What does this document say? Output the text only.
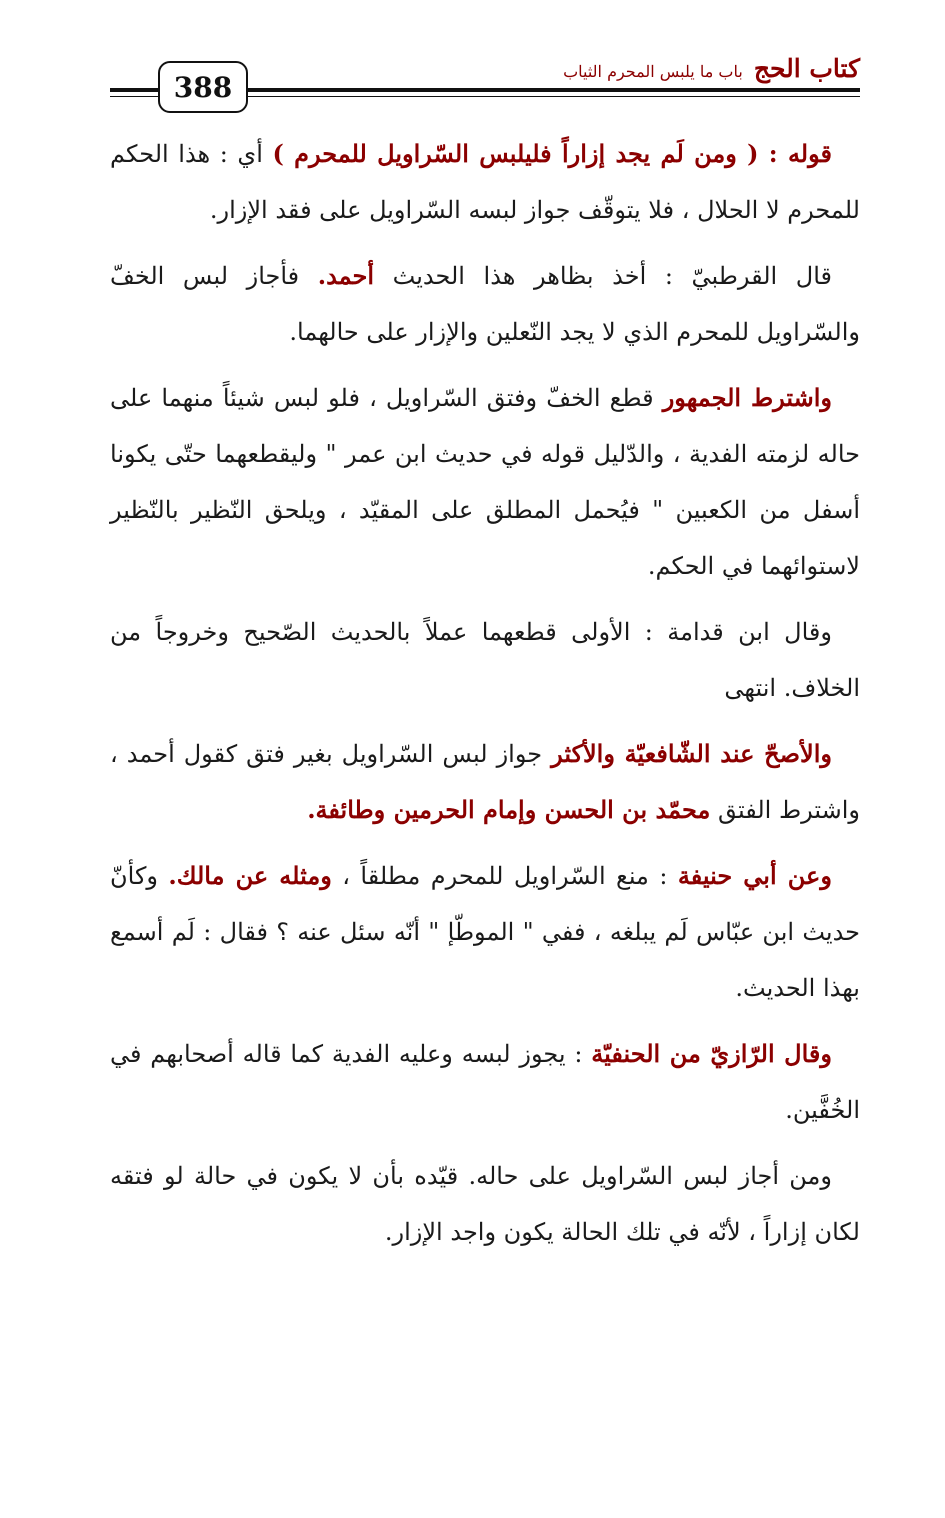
كتاب الحج باب ما يلبس المحرم الثياب
388

قوله : ( ومن لَم يجد إزاراً فليلبس السّراويل للمحرم ) أي : هذا الحكم للمحرم لا الحلال ، فلا يتوقّف جواز لبسه السّراويل على فقد الإزار.

قال القرطبيّ : أخذ بظاهر هذا الحديث أحمد. فأجاز لبس الخفّ والسّراويل للمحرم الذي لا يجد النّعلين والإزار على حالهما.

واشترط الجمهور قطع الخفّ وفتق السّراويل ، فلو لبس شيئاً منهما على حاله لزمته الفدية ، والدّليل قوله في حديث ابن عمر " وليقطعهما حتّى يكونا أسفل من الكعبين " فيُحمل المطلق على المقيّد ، ويلحق النّظير بالنّظير لاستوائهما في الحكم.

وقال ابن قدامة : الأولى قطعهما عملاً بالحديث الصّحيح وخروجاً من الخلاف. انتهى

والأصحّ عند الشّافعيّة والأكثر جواز لبس السّراويل بغير فتق كقول أحمد ، واشترط الفتق محمّد بن الحسن وإمام الحرمين وطائفة.

وعن أبي حنيفة : منع السّراويل للمحرم مطلقاً ، ومثله عن مالك. وكأنّ حديث ابن عبّاس لَم يبلغه ، ففي " الموطّإ " أنّه سئل عنه ؟ فقال : لَم أسمع بهذا الحديث.

وقال الرّازيّ من الحنفيّة : يجوز لبسه وعليه الفدية كما قاله أصحابهم في الخُفَّين.

ومن أجاز لبس السّراويل على حاله. قيّده بأن لا يكون في حالة لو فتقه لكان إزاراً ، لأنّه في تلك الحالة يكون واجد الإزار.
